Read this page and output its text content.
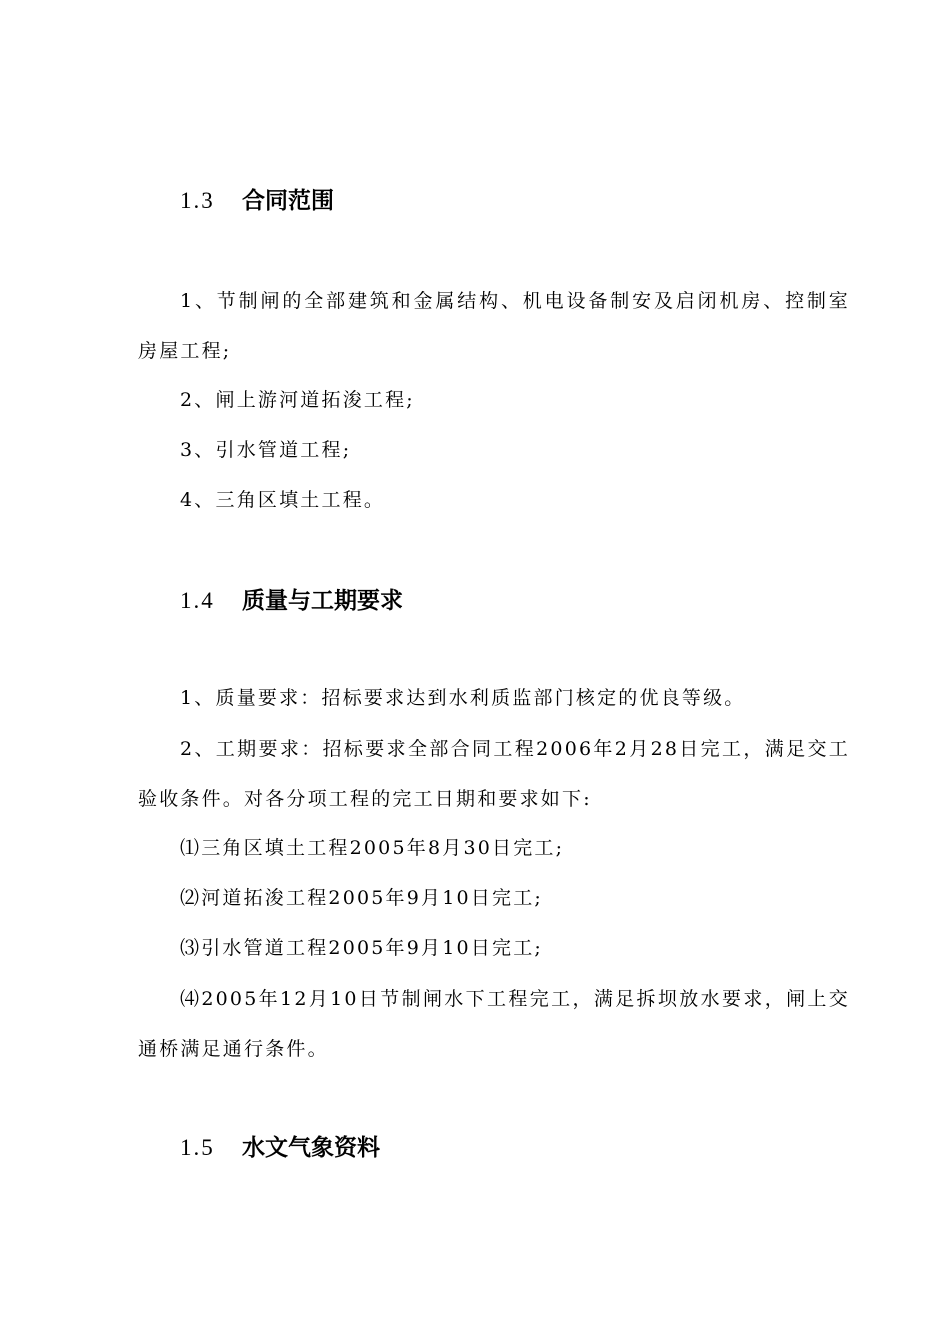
1.3 合同范围

1、节制闸的全部建筑和金属结构、机电设备制安及启闭机房、控制室房屋工程;

2、闸上游河道拓浚工程;
3、引水管道工程;
4、三角区填土工程。
1.4 质量与工期要求
1、质量要求：招标要求达到水利质监部门核定的优良等级。

2、工期要求：招标要求全部合同工程2006年2月28日完工，满足交工验收条件。对各分项工程的完工日期和要求如下:

⑴三角区填土工程2005年8月30日完工;
⑵河道拓浚工程2005年9月10日完工;
⑶引水管道工程2005年9月10日完工;

⑷2005年12月10日节制闸水下工程完工，满足拆坝放水要求，闸上交通桥满足通行条件。

1.5 水文气象资料
